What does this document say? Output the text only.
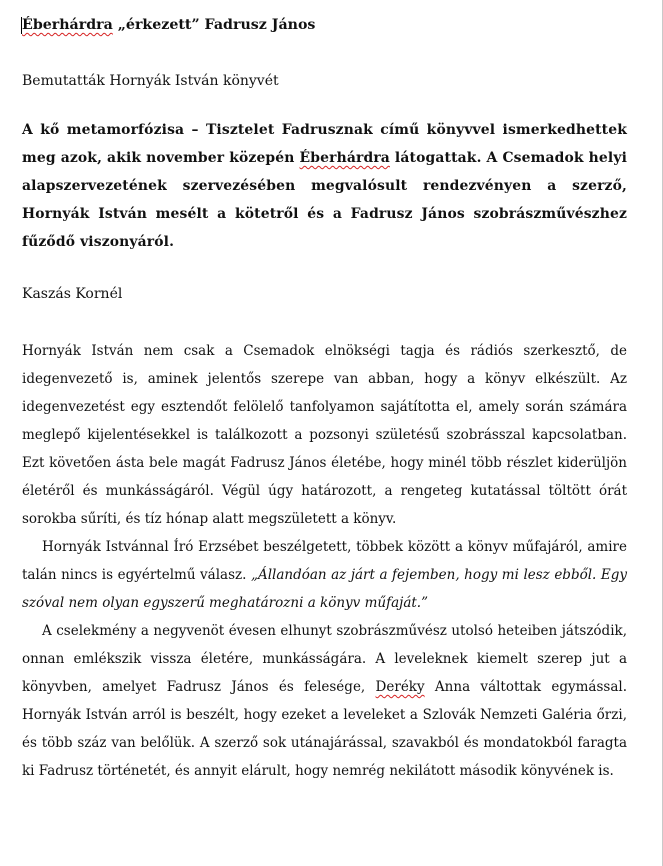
Éberhárdra „érkezett” Fadrusz János

Bemutatták Hornyák István könyvét

A kő metamorfózisa – Tisztelet Fadrusznak című könyvvel ismerkedhettek meg azok, akik november közepén Éberhárdra látogattak. A Csemadok helyi alapszervezetének szervezésében megvalósult rendezvényen a szerző, Hornyák István mesélt a kötetről és a Fadrusz János szobrászművészhez fűződő viszonyáról.

Kaszás Kornél

Hornyák István nem csak a Csemadok elnökségi tagja és rádiós szerkesztő, de idegenvezető is, aminek jelentős szerepe van abban, hogy a könyv elkészült. Az idegenvezetést egy esztendőt felölelő tanfolyamon sajátította el, amely során számára meglepő kijelentésekkel is találkozott a pozsonyi születésű szobrásszal kapcsolatban. Ezt követően ásta bele magát Fadrusz János életébe, hogy minél több részlet kiderüljön életéről és munkásságáról. Végül úgy határozott, a rengeteg kutatással töltött órát sorokba sűríti, és tíz hónap alatt megszületett a könyv.

Hornyák Istvánnal Író Erzsébet beszélgetett, többek között a könyv műfajáról, amire talán nincs is egyértelmű válasz. „Állandóan az járt a fejemben, hogy mi lesz ebből. Egy szóval nem olyan egyszerű meghatározni a könyv műfaját.”

A cselekmény a negyvenöt évesen elhunyt szobrászművész utolsó heteiben játszódik, onnan emlékszik vissza életére, munkásságára. A leveleknek kiemelt szerep jut a könyvben, amelyet Fadrusz János és felesége, Deréky Anna váltottak egymással. Hornyák István arról is beszélt, hogy ezeket a leveleket a Szlovák Nemzeti Galéria őrzi, és több száz van belőlük. A szerző sok utánajárással, szavakból és mondatokból faragta ki Fadrusz történetét, és annyit elárult, hogy nemrég nekilátott második könyvének is.
